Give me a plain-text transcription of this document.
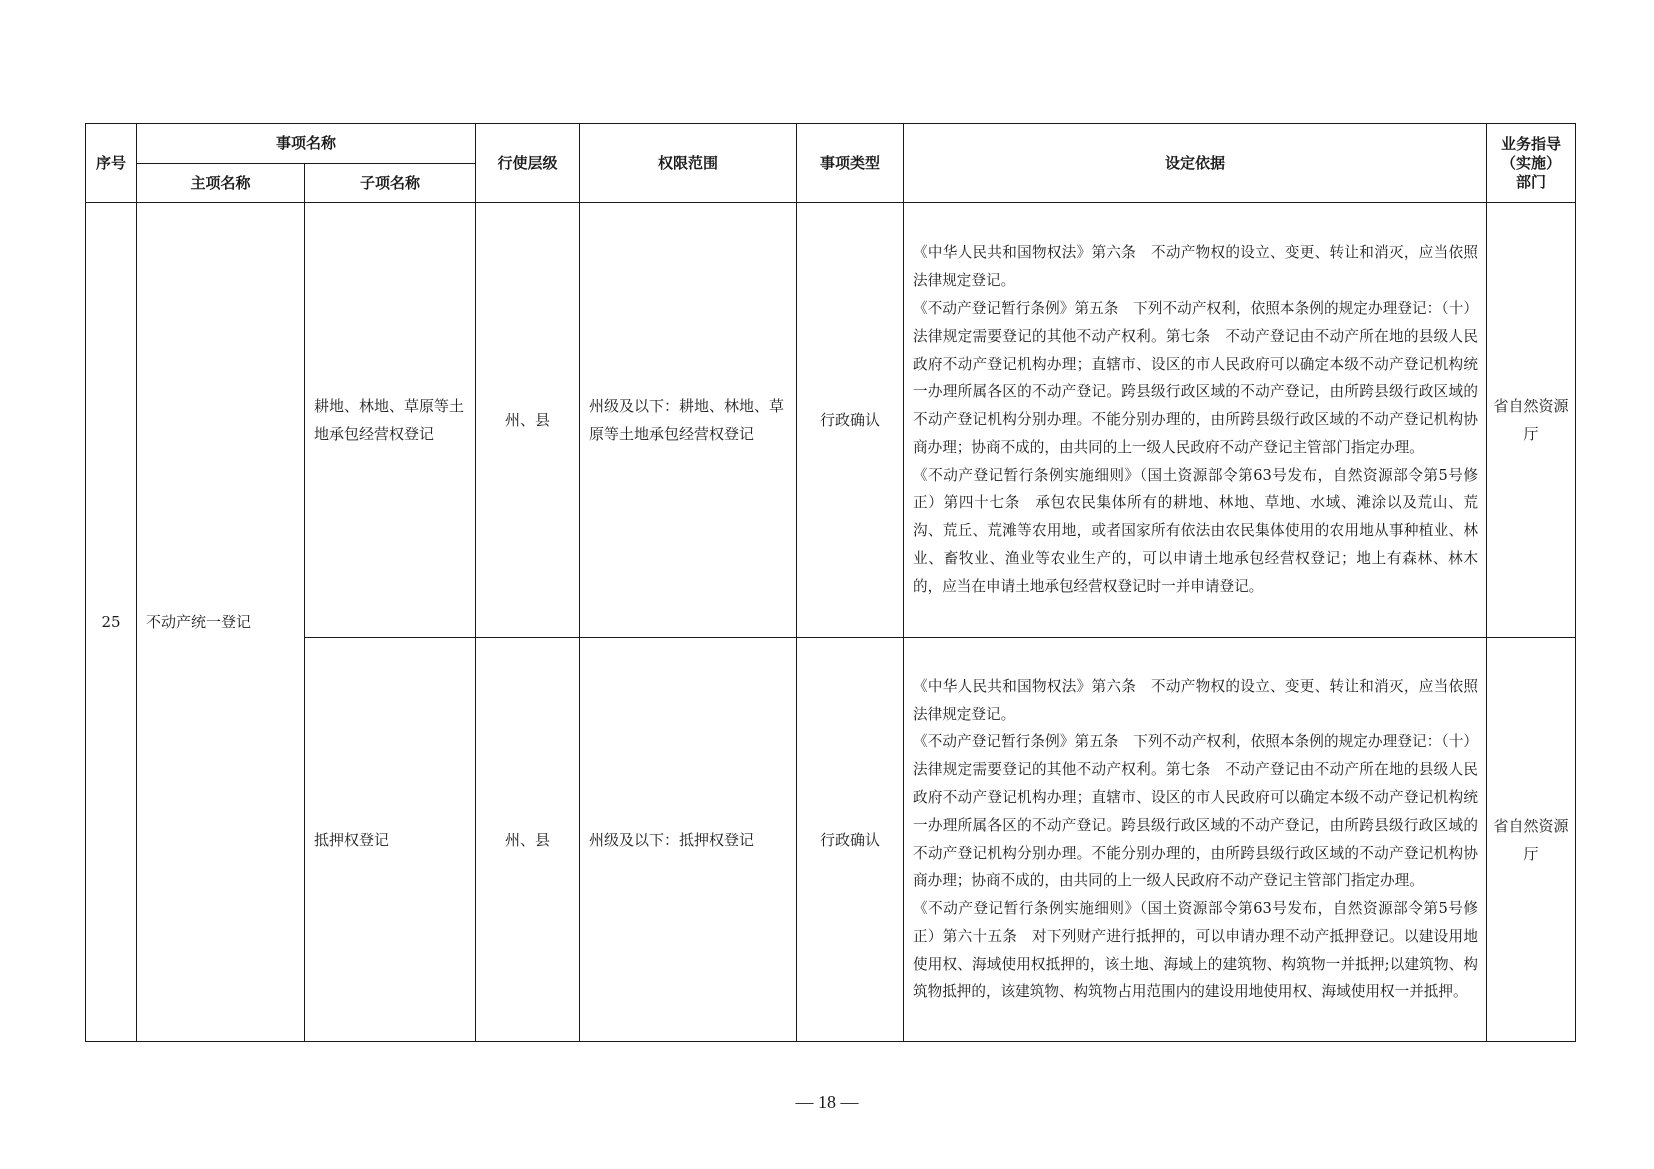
序号	事项名称		行使层级	权限范围	事项类型	设定依据	业务指导
（实施）
部门

	主项名称	子项名称					
25	不动产统一登记	耕地、林地、草原等土地承包经营权登记	州、县	州级及以下：耕地、林地、草原等土地承包经营权登记	行政确认	《中华人民共和国物权法》第六条　不动产物权的设立、变更、转让和消灭，应当依照法律规定登记。

《不动产登记暂行条例》第五条　下列不动产权利，依照本条例的规定办理登记：（十）法律规定需要登记的其他不动产权利。第七条　不动产登记由不动产所在地的县级人民政府不动产登记机构办理；直辖市、设区的市人民政府可以确定本级不动产登记机构统一办理所属各区的不动产登记。跨县级行政区域的不动产登记，由所跨县级行政区域的不动产登记机构分别办理。不能分别办理的，由所跨县级行政区域的不动产登记机构协商办理；协商不成的，由共同的上一级人民政府不动产登记主管部门指定办理。

《不动产登记暂行条例实施细则》（国土资源部令第63号发布，自然资源部令第5号修正）第四十七条　承包农民集体所有的耕地、林地、草地、水域、滩涂以及荒山、荒沟、荒丘、荒滩等农用地，或者国家所有依法由农民集体使用的农用地从事种植业、林业、畜牧业、渔业等农业生产的，可以申请土地承包经营权登记；地上有森林、林木的，应当在申请土地承包经营权登记时一并申请登记。	省自然资源厅
		抵押权登记	州、县	州级及以下：抵押权登记	行政确认	《中华人民共和国物权法》第六条　不动产物权的设立、变更、转让和消灭，应当依照法律规定登记。

《不动产登记暂行条例》第五条　下列不动产权利，依照本条例的规定办理登记：（十）法律规定需要登记的其他不动产权利。第七条　不动产登记由不动产所在地的县级人民政府不动产登记机构办理；直辖市、设区的市人民政府可以确定本级不动产登记机构统一办理所属各区的不动产登记。跨县级行政区域的不动产登记，由所跨县级行政区域的不动产登记机构分别办理。不能分别办理的，由所跨县级行政区域的不动产登记机构协商办理；协商不成的，由共同的上一级人民政府不动产登记主管部门指定办理。

《不动产登记暂行条例实施细则》（国土资源部令第63号发布，自然资源部令第5号修正）第六十五条　对下列财产进行抵押的，可以申请办理不动产抵押登记。以建设用地使用权、海域使用权抵押的，该土地、海域上的建筑物、构筑物一并抵押;以建筑物、构筑物抵押的，该建筑物、构筑物占用范围内的建设用地使用权、海域使用权一并抵押。	省自然资源厅
— 18 —
